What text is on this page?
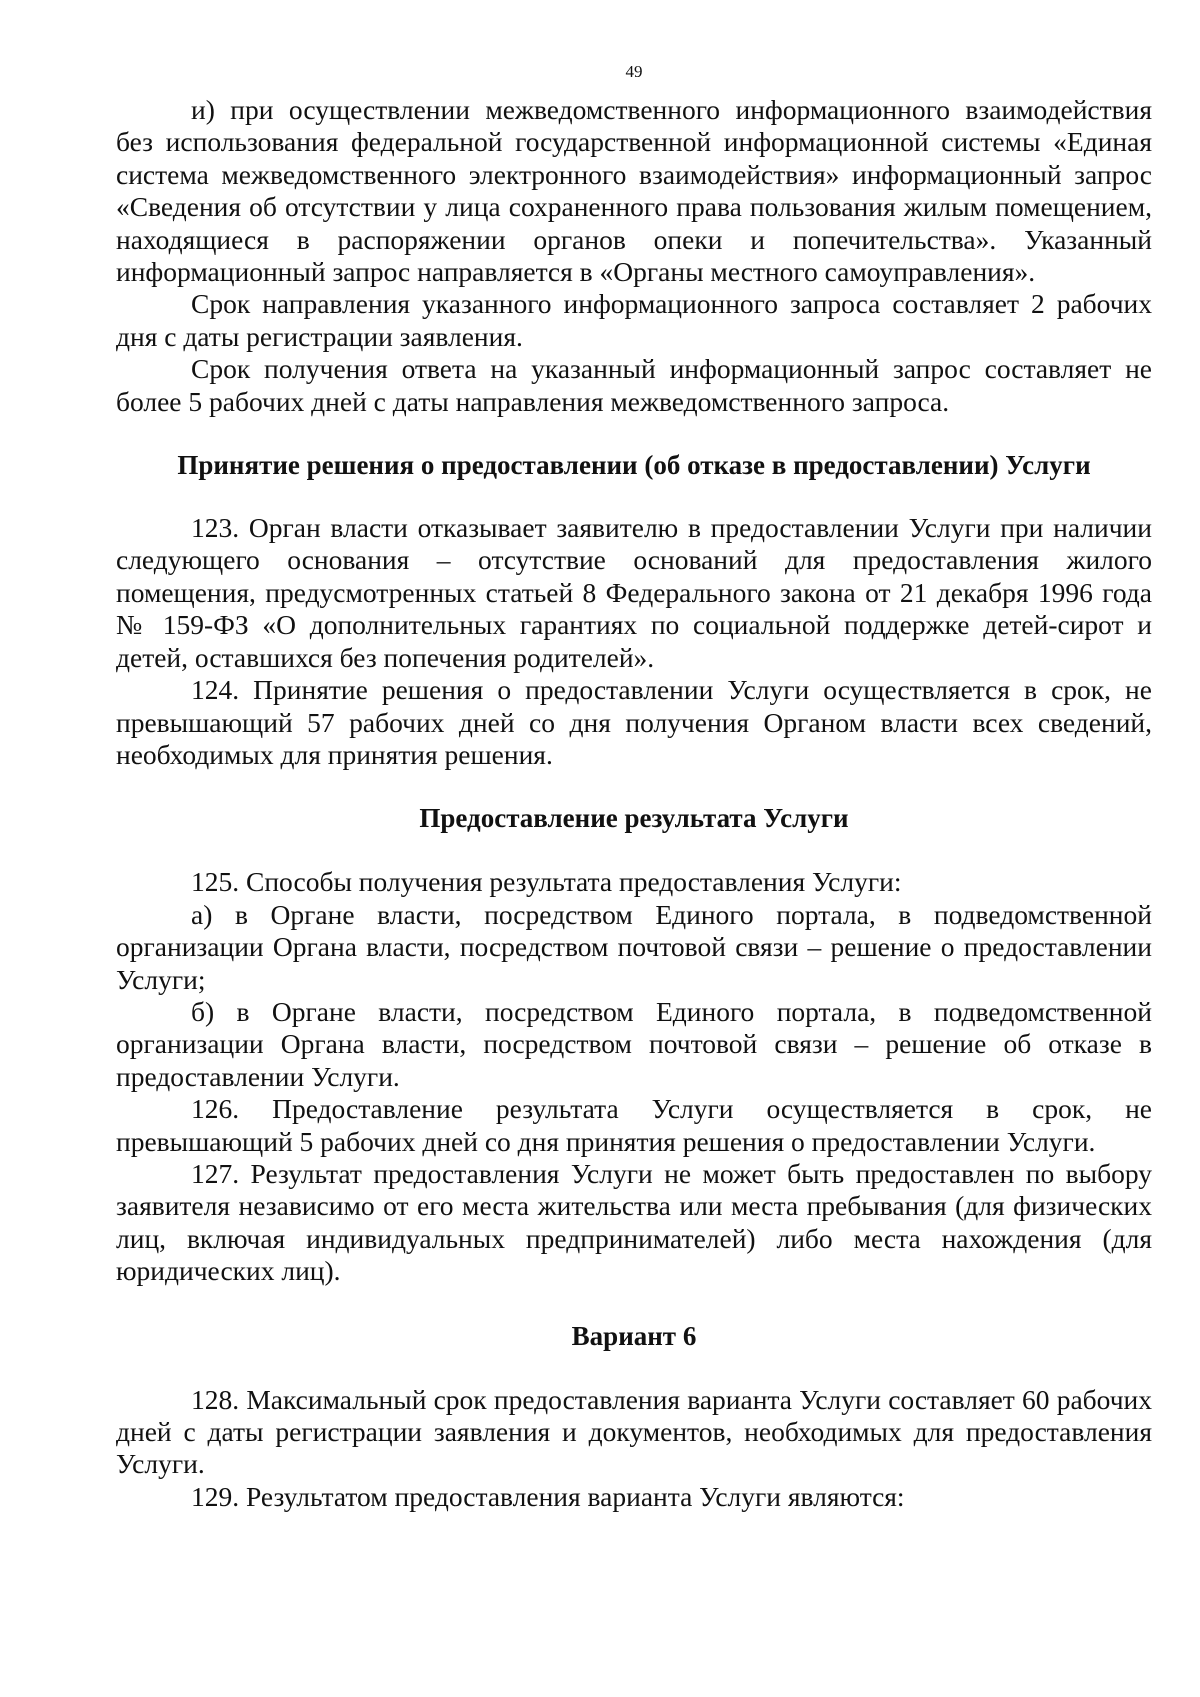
49

и) при осуществлении межведомственного информационного взаимодействия без использования федеральной государственной информационной системы «Единая система межведомственного электронного взаимодействия» информационный запрос «Сведения об отсутствии у лица сохраненного права пользования жилым помещением, находящиеся в распоряжении органов опеки и попечительства». Указанный информационный запрос направляется в «Органы местного самоуправления».

Срок направления указанного информационного запроса составляет 2 рабочих дня с даты регистрации заявления.

Срок получения ответа на указанный информационный запрос составляет не более 5 рабочих дней с даты направления межведомственного запроса.

Принятие решения о предоставлении (об отказе в предоставлении) Услуги

123. Орган власти отказывает заявителю в предоставлении Услуги при наличии следующего основания – отсутствие оснований для предоставления жилого помещения, предусмотренных статьей 8 Федерального закона от 21 декабря 1996 года № 159-ФЗ «О дополнительных гарантиях по социальной поддержке детей-сирот и детей, оставшихся без попечения родителей».

124. Принятие решения о предоставлении Услуги осуществляется в срок, не превышающий 57 рабочих дней со дня получения Органом власти всех сведений, необходимых для принятия решения.

Предоставление результата Услуги

125. Способы получения результата предоставления Услуги:

а) в Органе власти, посредством Единого портала, в подведомственной организации Органа власти, посредством почтовой связи – решение о предоставлении Услуги;

б) в Органе власти, посредством Единого портала, в подведомственной организации Органа власти, посредством почтовой связи – решение об отказе в предоставлении Услуги.

126. Предоставление результата Услуги осуществляется в срок, не превышающий 5 рабочих дней со дня принятия решения о предоставлении Услуги.

127. Результат предоставления Услуги не может быть предоставлен по выбору заявителя независимо от его места жительства или места пребывания (для физических лиц, включая индивидуальных предпринимателей) либо места нахождения (для юридических лиц).

Вариант 6

128. Максимальный срок предоставления варианта Услуги составляет 60 рабочих дней с даты регистрации заявления и документов, необходимых для предоставления Услуги.

129. Результатом предоставления варианта Услуги являются:
